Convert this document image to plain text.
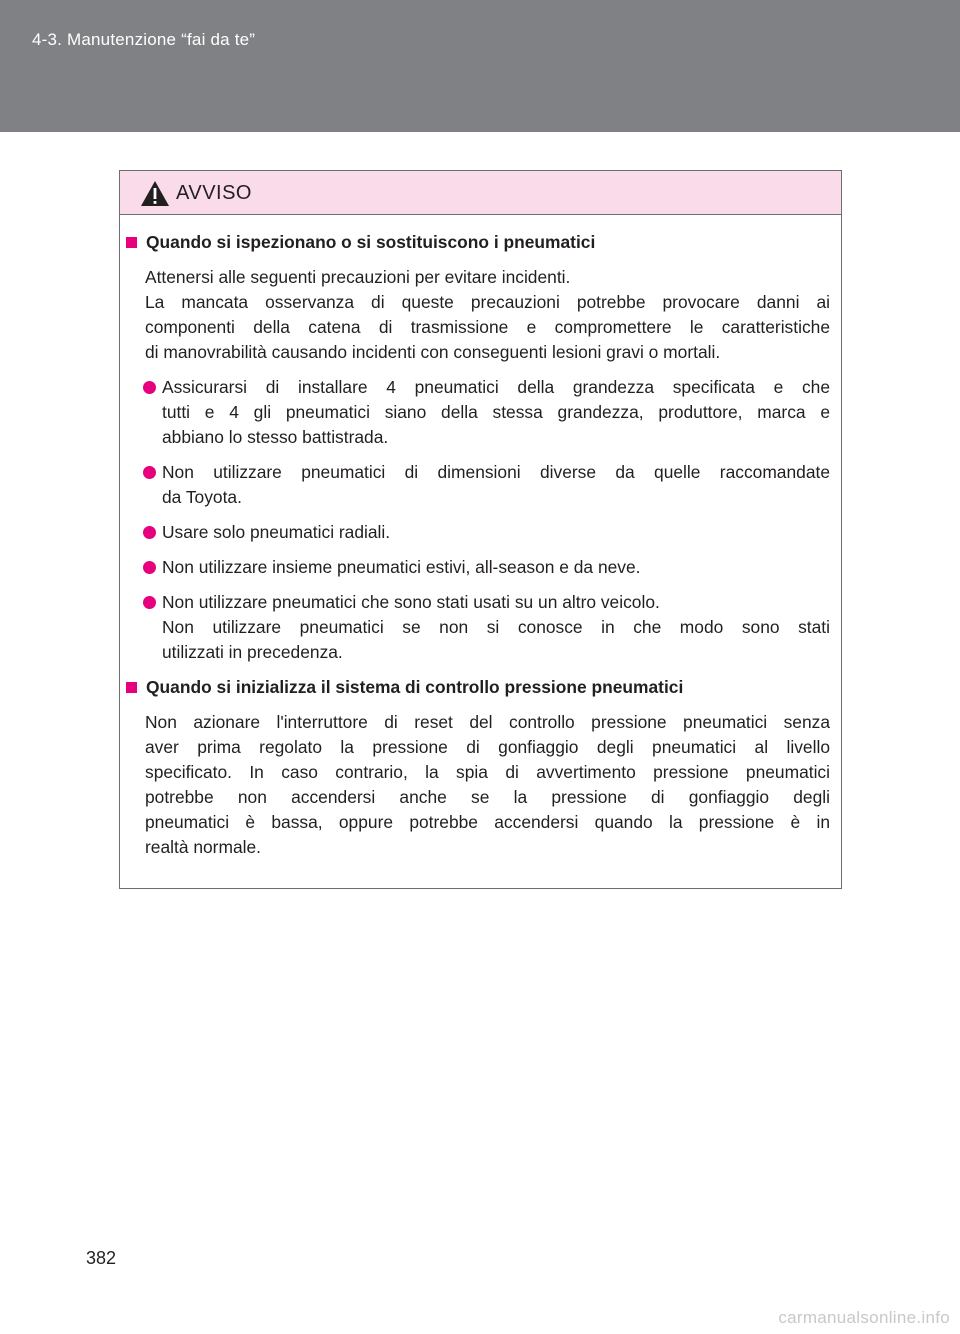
4-3. Manutenzione “fai da te”
AVVISO
Quando si ispezionano o si sostituiscono i pneumatici
Attenersi alle seguenti precauzioni per evitare incidenti.
La mancata osservanza di queste precauzioni potrebbe provocare danni ai
componenti della catena di trasmissione e compromettere le caratteristiche
di manovrabilità causando incidenti con conseguenti lesioni gravi o mortali.
Assicurarsi di installare 4 pneumatici della grandezza specificata e che
tutti e 4 gli pneumatici siano della stessa grandezza, produttore, marca e
abbiano lo stesso battistrada.
Non utilizzare pneumatici di dimensioni diverse da quelle raccomandate
da Toyota.
Usare solo pneumatici radiali.
Non utilizzare insieme pneumatici estivi, all-season e da neve.
Non utilizzare pneumatici che sono stati usati su un altro veicolo.
Non utilizzare pneumatici se non si conosce in che modo sono stati
utilizzati in precedenza.
Quando si inizializza il sistema di controllo pressione pneumatici
Non azionare l'interruttore di reset del controllo pressione pneumatici senza
aver prima regolato la pressione di gonfiaggio degli pneumatici al livello
specificato. In caso contrario, la spia di avvertimento pressione pneumatici
potrebbe non accendersi anche se la pressione di gonfiaggio degli
pneumatici è bassa, oppure potrebbe accendersi quando la pressione è in
realtà normale.
382
carmanualsonline.info
